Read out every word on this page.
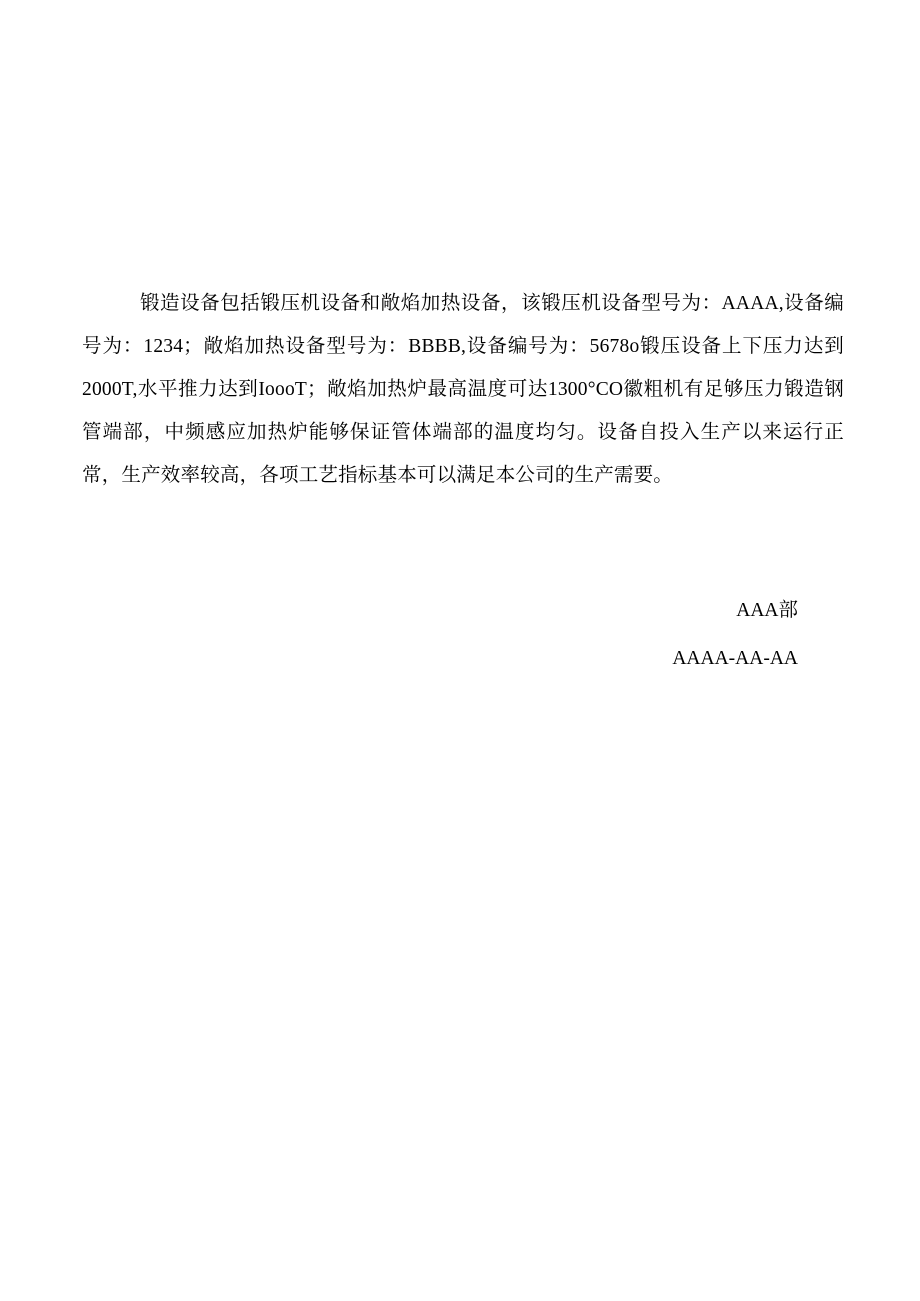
锻造设备包括锻压机设备和敞焰加热设备，该锻压机设备型号为：AAAA,设备编号为：1234；敞焰加热设备型号为：BBBB,设备编号为：5678o锻压设备上下压力达到2000T,水平推力达到IoooT；敞焰加热炉最高温度可达1300°CO徽粗机有足够压力锻造钢管端部，中频感应加热炉能够保证管体端部的温度均匀。设备自投入生产以来运行正常，生产效率较高，各项工艺指标基本可以满足本公司的生产需要。

AAA部
AAAA-AA-AA
